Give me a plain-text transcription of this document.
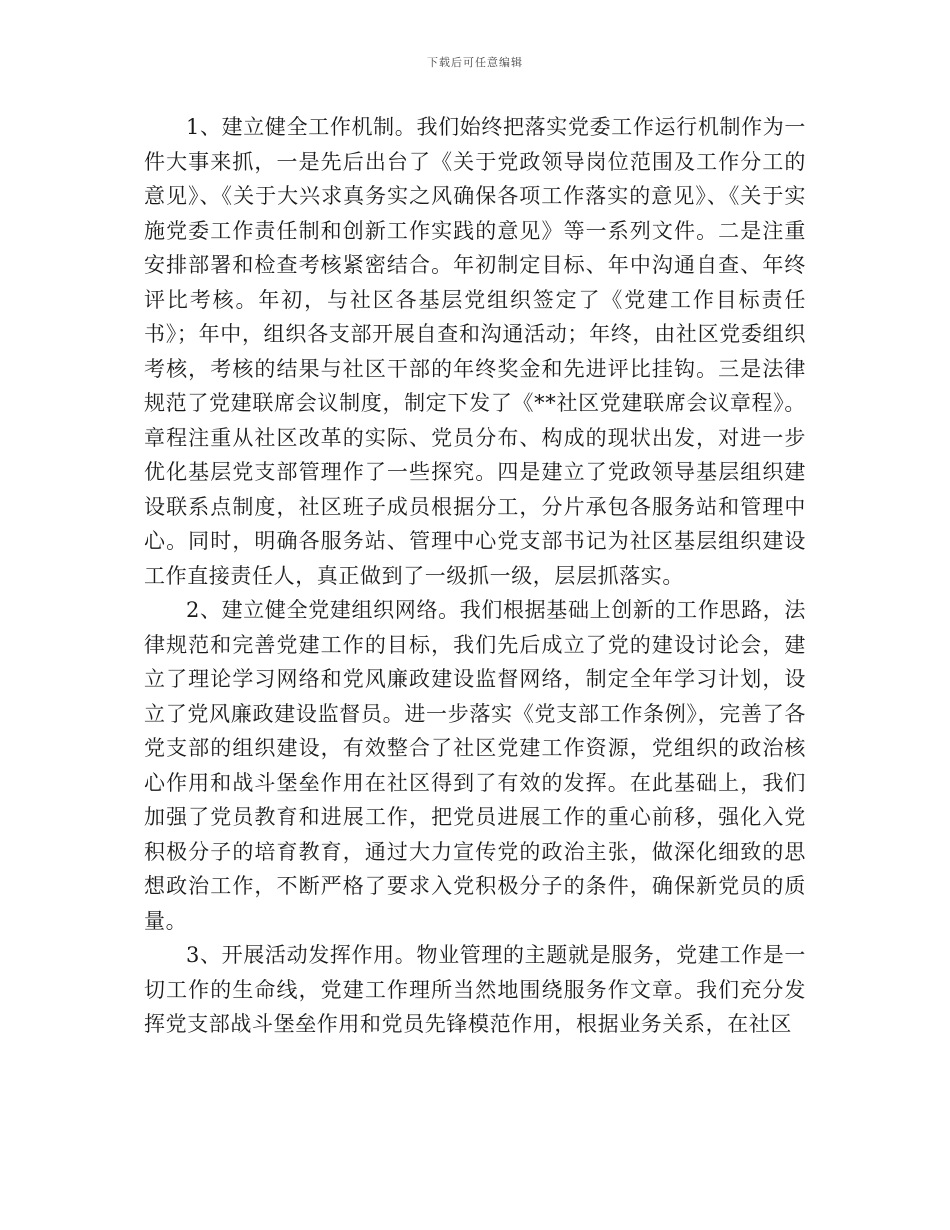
下载后可任意编辑

1、建立健全工作机制。我们始终把落实党委工作运行机制作为一件大事来抓，一是先后出台了《关于党政领导岗位范围及工作分工的意见》、《关于大兴求真务实之风确保各项工作落实的意见》、《关于实施党委工作责任制和创新工作实践的意见》等一系列文件。二是注重安排部署和检查考核紧密结合。年初制定目标、年中沟通自查、年终评比考核。年初，与社区各基层党组织签定了《党建工作目标责任书》；年中，组织各支部开展自查和沟通活动；年终，由社区党委组织考核，考核的结果与社区干部的年终奖金和先进评比挂钩。三是法律规范了党建联席会议制度，制定下发了《**社区党建联席会议章程》。章程注重从社区改革的实际、党员分布、构成的现状出发，对进一步优化基层党支部管理作了一些探究。四是建立了党政领导基层组织建设联系点制度，社区班子成员根据分工，分片承包各服务站和管理中心。同时，明确各服务站、管理中心党支部书记为社区基层组织建设工作直接责任人，真正做到了一级抓一级，层层抓落实。

2、建立健全党建组织网络。我们根据基础上创新的工作思路，法律规范和完善党建工作的目标，我们先后成立了党的建设讨论会，建立了理论学习网络和党风廉政建设监督网络，制定全年学习计划，设立了党风廉政建设监督员。进一步落实《党支部工作条例》，完善了各党支部的组织建设，有效整合了社区党建工作资源，党组织的政治核心作用和战斗堡垒作用在社区得到了有效的发挥。在此基础上，我们加强了党员教育和进展工作，把党员进展工作的重心前移，强化入党积极分子的培育教育，通过大力宣传党的政治主张，做深化细致的思想政治工作，不断严格了要求入党积极分子的条件，确保新党员的质量。

3、开展活动发挥作用。物业管理的主题就是服务，党建工作是一切工作的生命线，党建工作理所当然地围绕服务作文章。我们充分发挥党支部战斗堡垒作用和党员先锋模范作用，根据业务关系，在社区
